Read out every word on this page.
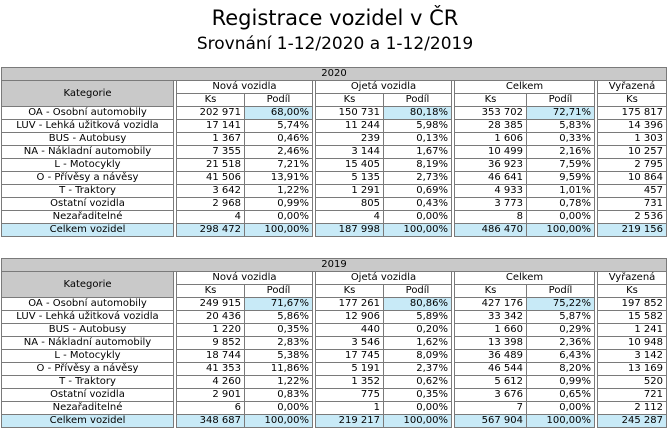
Registrace vozidel v ČR
Srovnání 1-12/2020 a 1-12/2019
2020											
Kategorie		Nová vozidla			Ojetá vozidla			Celkem			Vyřazená
		Ks	Podíl		Ks	Podíl		Ks	Podíl		Ks
OA - Osobní automobily		202 971	68,00%		150 731	80,18%		353 702	72,71%		175 817
LUV - Lehká užitková vozidla		17 141	5,74%		11 244	5,98%		28 385	5,83%		14 396
BUS - Autobusy		1 367	0,46%		239	0,13%		1 606	0,33%		1 303
NA - Nákladní automobily		7 355	2,46%		3 144	1,67%		10 499	2,16%		10 257
L - Motocykly		21 518	7,21%		15 405	8,19%		36 923	7,59%		2 795
O - Přívěsy a návěsy		41 506	13,91%		5 135	2,73%		46 641	9,59%		10 864
T - Traktory		3 642	1,22%		1 291	0,69%		4 933	1,01%		457
Ostatní vozidla		2 968	0,99%		805	0,43%		3 773	0,78%		731
Nezařaditelné		4	0,00%		4	0,00%		8	0,00%		2 536
Celkem vozidel		298 472	100,00%		187 998	100,00%		486 470	100,00%		219 156
2019											
Kategorie		Nová vozidla			Ojetá vozidla			Celkem			Vyřazená
		Ks	Podíl		Ks	Podíl		Ks	Podíl		Ks
OA - Osobní automobily		249 915	71,67%		177 261	80,86%		427 176	75,22%		197 852
LUV - Lehká užitková vozidla		20 436	5,86%		12 906	5,89%		33 342	5,87%		15 582
BUS - Autobusy		1 220	0,35%		440	0,20%		1 660	0,29%		1 241
NA - Nákladní automobily		9 852	2,83%		3 546	1,62%		13 398	2,36%		10 948
L - Motocykly		18 744	5,38%		17 745	8,09%		36 489	6,43%		3 142
O - Přívěsy a návěsy		41 353	11,86%		5 191	2,37%		46 544	8,20%		13 169
T - Traktory		4 260	1,22%		1 352	0,62%		5 612	0,99%		520
Ostatní vozidla		2 901	0,83%		775	0,35%		3 676	0,65%		721
Nezařaditelné		6	0,00%		1	0,00%		7	0,00%		2 112
Celkem vozidel		348 687	100,00%		219 217	100,00%		567 904	100,00%		245 287
